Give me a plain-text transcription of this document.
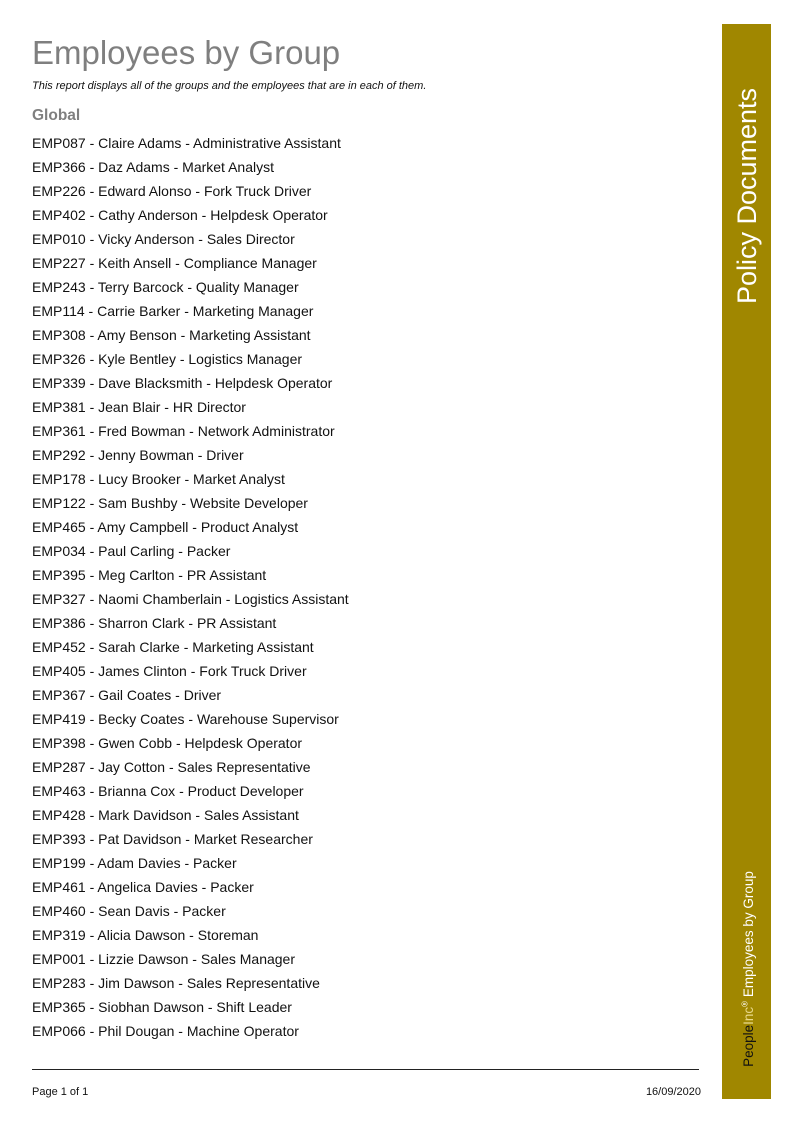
Employees by Group
This report displays all of the groups and the employees that are in each of them.
Global
EMP087 - Claire Adams - Administrative Assistant
EMP366 - Daz Adams - Market Analyst
EMP226 - Edward Alonso - Fork Truck Driver
EMP402 - Cathy Anderson - Helpdesk Operator
EMP010 - Vicky Anderson - Sales Director
EMP227 - Keith Ansell - Compliance Manager
EMP243 - Terry Barcock - Quality Manager
EMP114 - Carrie Barker - Marketing Manager
EMP308 - Amy Benson - Marketing Assistant
EMP326 - Kyle Bentley - Logistics Manager
EMP339 - Dave Blacksmith - Helpdesk Operator
EMP381 - Jean Blair - HR Director
EMP361 - Fred Bowman - Network Administrator
EMP292 - Jenny Bowman - Driver
EMP178 - Lucy Brooker - Market Analyst
EMP122 - Sam Bushby - Website Developer
EMP465 - Amy Campbell - Product Analyst
EMP034 - Paul Carling - Packer
EMP395 - Meg Carlton - PR Assistant
EMP327 - Naomi Chamberlain - Logistics Assistant
EMP386 - Sharron Clark - PR Assistant
EMP452 - Sarah Clarke - Marketing Assistant
EMP405 - James Clinton - Fork Truck Driver
EMP367 - Gail Coates - Driver
EMP419 - Becky Coates - Warehouse Supervisor
EMP398 - Gwen Cobb - Helpdesk Operator
EMP287 - Jay Cotton - Sales Representative
EMP463 - Brianna Cox - Product Developer
EMP428 - Mark Davidson - Sales Assistant
EMP393 - Pat Davidson - Market Researcher
EMP199 - Adam Davies - Packer
EMP461 - Angelica Davies - Packer
EMP460 - Sean Davis - Packer
EMP319 - Alicia Dawson - Storeman
EMP001 - Lizzie Dawson - Sales Manager
EMP283 - Jim Dawson - Sales Representative
EMP365 - Siobhan Dawson - Shift Leader
EMP066 - Phil Dougan - Machine Operator
Page 1 of 1	16/09/2020
Policy Documents
PeopleInc® Employees by Group
